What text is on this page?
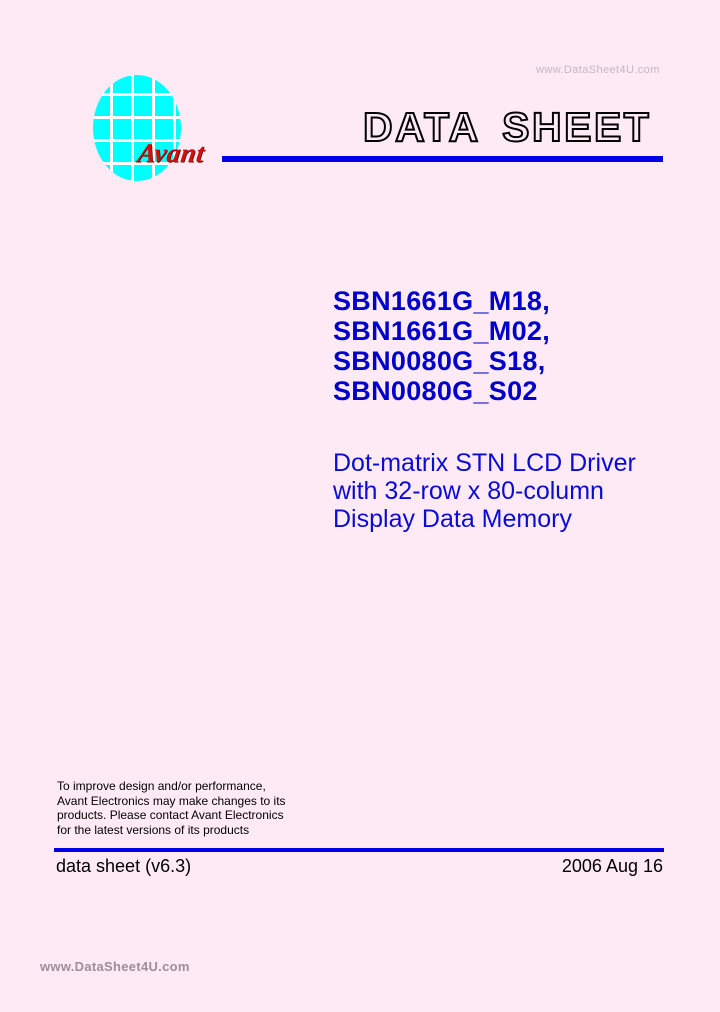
www.DataSheet4U.com
Avant
DATA SHEET
SBN1661G_M18,
SBN1661G_M02,
SBN0080G_S18,
SBN0080G_S02
Dot-matrix STN LCD Driver
with 32-row x 80-column
Display Data Memory
To improve design and/or performance,
Avant Electronics may make changes to its
products. Please contact Avant Electronics
for the latest versions of its products
data sheet (v6.3)	2006 Aug 16
www.DataSheet4U.com
